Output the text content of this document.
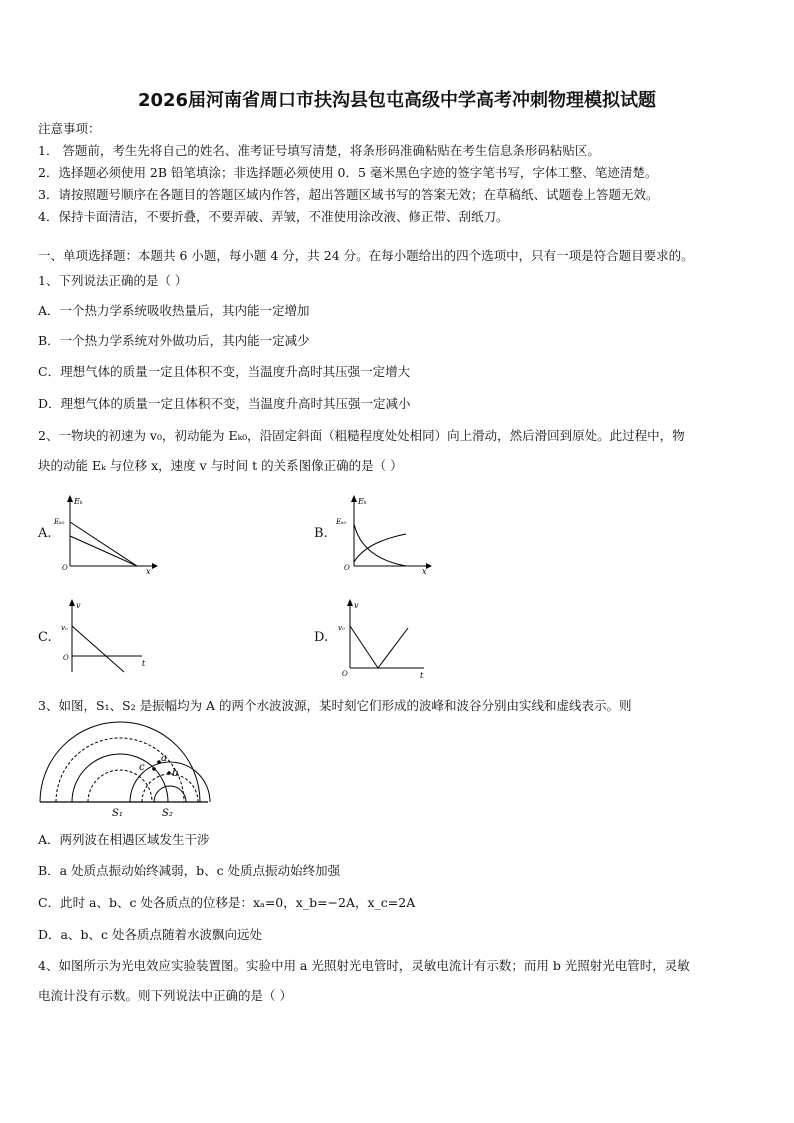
2026届河南省周口市扶沟县包屯高级中学高考冲刺物理模拟试题
注意事项：
1． 答题前，考生先将自己的姓名、准考证号填写清楚，将条形码准确粘贴在考生信息条形码粘贴区。
2．选择题必须使用 2B 铅笔填涂；非选择题必须使用 0．5 毫米黑色字迹的签字笔书写，字体工整、笔迹清楚。
3．请按照题号顺序在各题目的答题区域内作答，超出答题区域书写的答案无效；在草稿纸、试题卷上答题无效。
4．保持卡面清洁，不要折叠，不要弄破、弄皱，不准使用涂改液、修正带、刮纸刀。
一、单项选择题：本题共 6 小题，每小题 4 分，共 24 分。在每小题给出的四个选项中，只有一项是符合题目要求的。
1、下列说法正确的是（ ）
A．一个热力学系统吸收热量后，其内能一定增加
B．一个热力学系统对外做功后，其内能一定减少
C．理想气体的质量一定且体积不变，当温度升高时其压强一定增大
D．理想气体的质量一定且体积不变，当温度升高时其压强一定减小
2、一物块的初速为 v₀，初动能为 Eₖ₀，沿固定斜面（粗糙程度处处相同）向上滑动，然后滑回到原处。此过程中，物
块的动能 Eₖ 与位移 x，速度 v 与时间 t 的关系图像正确的是（ ）
A.	B.
C.	D.
Eₖ
Eₖ₀
O	x
Eₖ
Eₖ₀
O	x
v
v₀
O
t
v
v₀
O	t
3、如图，S₁、S₂ 是振幅均为 A 的两个水波波源，某时刻它们形成的波峰和波谷分别由实线和虚线表示。则
a
b
c
S₁	S₂
A．两列波在相遇区域发生干涉
B．a 处质点振动始终减弱，b、c 处质点振动始终加强
C．此时 a、b、c 处各质点的位移是：xₐ=0，x_b=−2A，x_c=2A
D．a、b、c 处各质点随着水波飘向远处
4、如图所示为光电效应实验装置图。实验中用 a 光照射光电管时，灵敏电流计有示数；而用 b 光照射光电管时，灵敏
电流计没有示数。则下列说法中正确的是（ ）
